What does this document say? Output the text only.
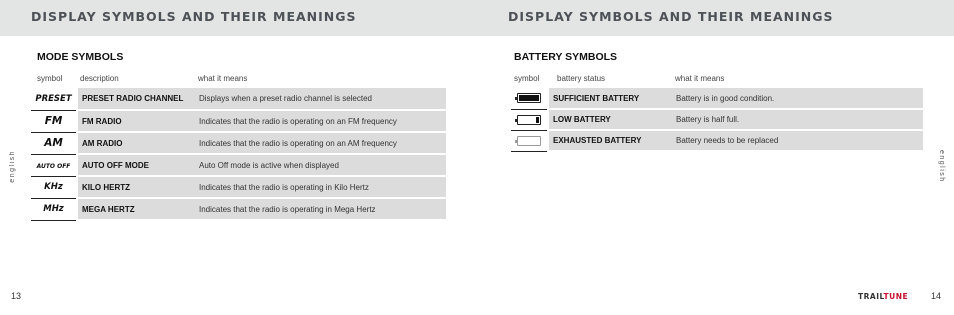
DISPLAY SYMBOLS AND THEIR MEANINGS
MODE SYMBOLS
symbol description	what it means
PRESET	PRESET RADIO CHANNEL	Displays when a preset radio channel is selected
FM	FM RADIO	Indicates that the radio is operating on an FM frequency
AM	AM RADIO	Indicates that the radio is operating on an AM frequency
AUTO OFF	AUTO OFF MODE	Auto Off mode is active when displayed
KHz	KILO HERTZ	Indicates that the radio is operating in Kilo Hertz
MHz	MEGA HERTZ	Indicates that the radio is operating in Mega Hertz
english
13
DISPLAY SYMBOLS AND THEIR MEANINGS
BATTERY SYMBOLS
symbol battery status	what it means
	SUFFICIENT BATTERY	Battery is in good condition.

	LOW BATTERY	Battery is half full.

	EXHAUSTED BATTERY	Battery needs to be replaced
english
TRAILTUNE	14
